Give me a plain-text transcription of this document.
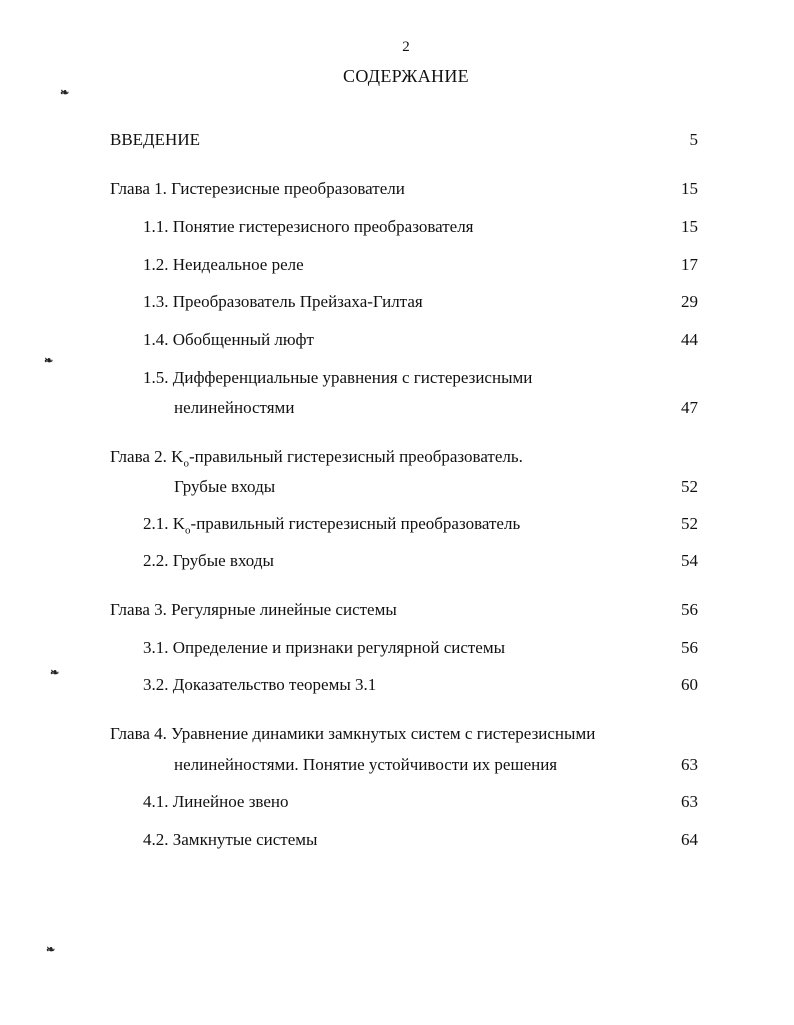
2
СОДЕРЖАНИЕ
❧
❧
❧
❧
ВВЕДЕНИЕ	5
Глава 1. Гистерезисные преобразователи	15
1.1. Понятие гистерезисного преобразователя	15
1.2. Неидеальное реле	17
1.3. Преобразователь Прейзаха-Гилтая	29
1.4. Обобщенный люфт	44
1.5. Дифференциальные уравнения с гистерезисными
нелинейностями	47
Глава 2. $K_o$-правильный гистерезисный преобразователь.
Грубые входы	52
2.1. $K_o$-правильный гистерезисный преобразователь	52
2.2. Грубые входы	54
Глава 3. Регулярные линейные системы	56
3.1. Определение и признаки регулярной системы	56
3.2. Доказательство теоремы 3.1	60
Глава 4. Уравнение динамики замкнутых систем с гистерезисными
нелинейностями. Понятие устойчивости их решения	63
4.1. Линейное звено	63
4.2. Замкнутые системы	64
